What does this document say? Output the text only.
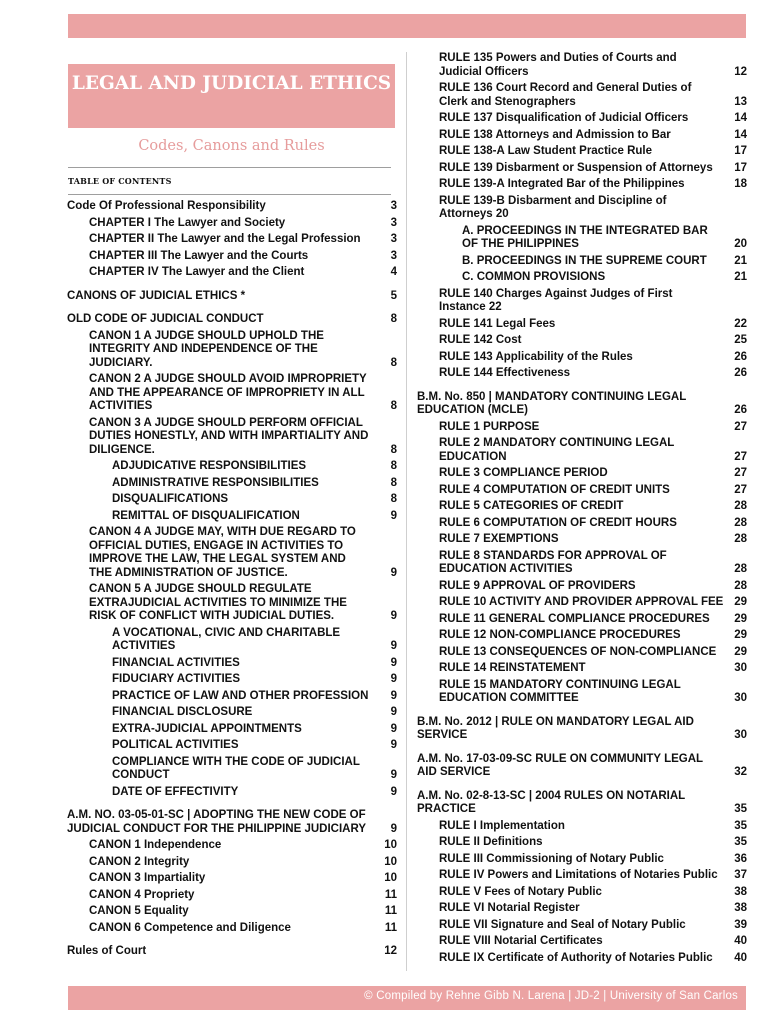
LEGAL AND JUDICIAL ETHICS
Codes, Canons and Rules
TABLE OF CONTENTS
Code Of Professional Responsibility	3
CHAPTER I The Lawyer and Society	3
CHAPTER II The Lawyer and the Legal Profession	3
CHAPTER III The Lawyer and the Courts	3
CHAPTER IV The Lawyer and the Client	4
CANONS OF JUDICIAL ETHICS *	5
OLD CODE OF JUDICIAL CONDUCT	8
CANON 1 A JUDGE SHOULD UPHOLD THE INTEGRITY AND INDEPENDENCE OF THE JUDICIARY.	8
CANON 2 A JUDGE SHOULD AVOID IMPROPRIETY AND THE APPEARANCE OF IMPROPRIETY IN ALL ACTIVITIES	8
CANON 3 A JUDGE SHOULD PERFORM OFFICIAL DUTIES HONESTLY, AND WITH IMPARTIALITY AND DILIGENCE.	8
ADJUDICATIVE RESPONSIBILITIES	8
ADMINISTRATIVE RESPONSIBILITIES	8
DISQUALIFICATIONS	8
REMITTAL OF DISQUALIFICATION	9
CANON 4 A JUDGE MAY, WITH DUE REGARD TO OFFICIAL DUTIES, ENGAGE IN ACTIVITIES TO IMPROVE THE LAW, THE LEGAL SYSTEM AND THE ADMINISTRATION OF JUSTICE.	9
CANON 5 A JUDGE SHOULD REGULATE EXTRAJUDICIAL ACTIVITIES TO MINIMIZE THE RISK OF CONFLICT WITH JUDICIAL DUTIES.	9
A VOCATIONAL, CIVIC AND CHARITABLE ACTIVITIES	9
FINANCIAL ACTIVITIES	9
FIDUCIARY ACTIVITIES	9
PRACTICE OF LAW AND OTHER PROFESSION	9
FINANCIAL DISCLOSURE	9
EXTRA-JUDICIAL APPOINTMENTS	9
POLITICAL ACTIVITIES	9
COMPLIANCE WITH THE CODE OF JUDICIAL CONDUCT	9
DATE OF EFFECTIVITY	9
A.M. NO. 03-05-01-SC | ADOPTING THE NEW CODE OF JUDICIAL CONDUCT FOR THE PHILIPPINE JUDICIARY	9
CANON 1 Independence	10
CANON 2 Integrity	10
CANON 3 Impartiality	10
CANON 4 Propriety	11
CANON 5 Equality	11
CANON 6 Competence and Diligence	11
Rules of Court	12
RULE 135 Powers and Duties of Courts and Judicial Officers	12
RULE 136 Court Record and General Duties of Clerk and Stenographers	13
RULE 137 Disqualification of Judicial Officers	14
RULE 138 Attorneys and Admission to Bar	14
RULE 138-A Law Student Practice Rule	17
RULE 139 Disbarment or Suspension of Attorneys	17
RULE 139-A Integrated Bar of the Philippines	18
RULE 139-B Disbarment and Discipline of Attorneys 20
A. PROCEEDINGS IN THE INTEGRATED BAR OF THE PHILIPPINES	20
B. PROCEEDINGS IN THE SUPREME COURT	21
C. COMMON PROVISIONS	21
RULE 140 Charges Against Judges of First Instance 22
RULE 141 Legal Fees	22
RULE 142 Cost	25
RULE 143 Applicability of the Rules	26
RULE 144 Effectiveness	26
B.M. No. 850 | MANDATORY CONTINUING LEGAL EDUCATION (MCLE)	26
RULE 1 PURPOSE	27
RULE 2 MANDATORY CONTINUING LEGAL EDUCATION	27
RULE 3 COMPLIANCE PERIOD	27
RULE 4 COMPUTATION OF CREDIT UNITS	27
RULE 5 CATEGORIES OF CREDIT	28
RULE 6 COMPUTATION OF CREDIT HOURS	28
RULE 7 EXEMPTIONS	28
RULE 8 STANDARDS FOR APPROVAL OF EDUCATION ACTIVITIES	28
RULE 9 APPROVAL OF PROVIDERS	28
RULE 10 ACTIVITY AND PROVIDER APPROVAL FEE 29
RULE 11 GENERAL COMPLIANCE PROCEDURES	29
RULE 12 NON-COMPLIANCE PROCEDURES	29
RULE 13 CONSEQUENCES OF NON-COMPLIANCE	29
RULE 14 REINSTATEMENT	30
RULE 15 MANDATORY CONTINUING LEGAL EDUCATION COMMITTEE	30
B.M. No. 2012 | RULE ON MANDATORY LEGAL AID SERVICE	30
A.M. No. 17-03-09-SC RULE ON COMMUNITY LEGAL AID SERVICE	32
A.M. No. 02-8-13-SC | 2004 RULES ON NOTARIAL PRACTICE	35
RULE I Implementation	35
RULE II Definitions	35
RULE III Commissioning of Notary Public	36
RULE IV Powers and Limitations of Notaries Public	37
RULE V Fees of Notary Public	38
RULE VI Notarial Register	38
RULE VII Signature and Seal of Notary Public	39
RULE VIII Notarial Certificates	40
RULE IX Certificate of Authority of Notaries Public	40
© Compiled by Rehne Gibb N. Larena | JD-2 | University of San Carlos
